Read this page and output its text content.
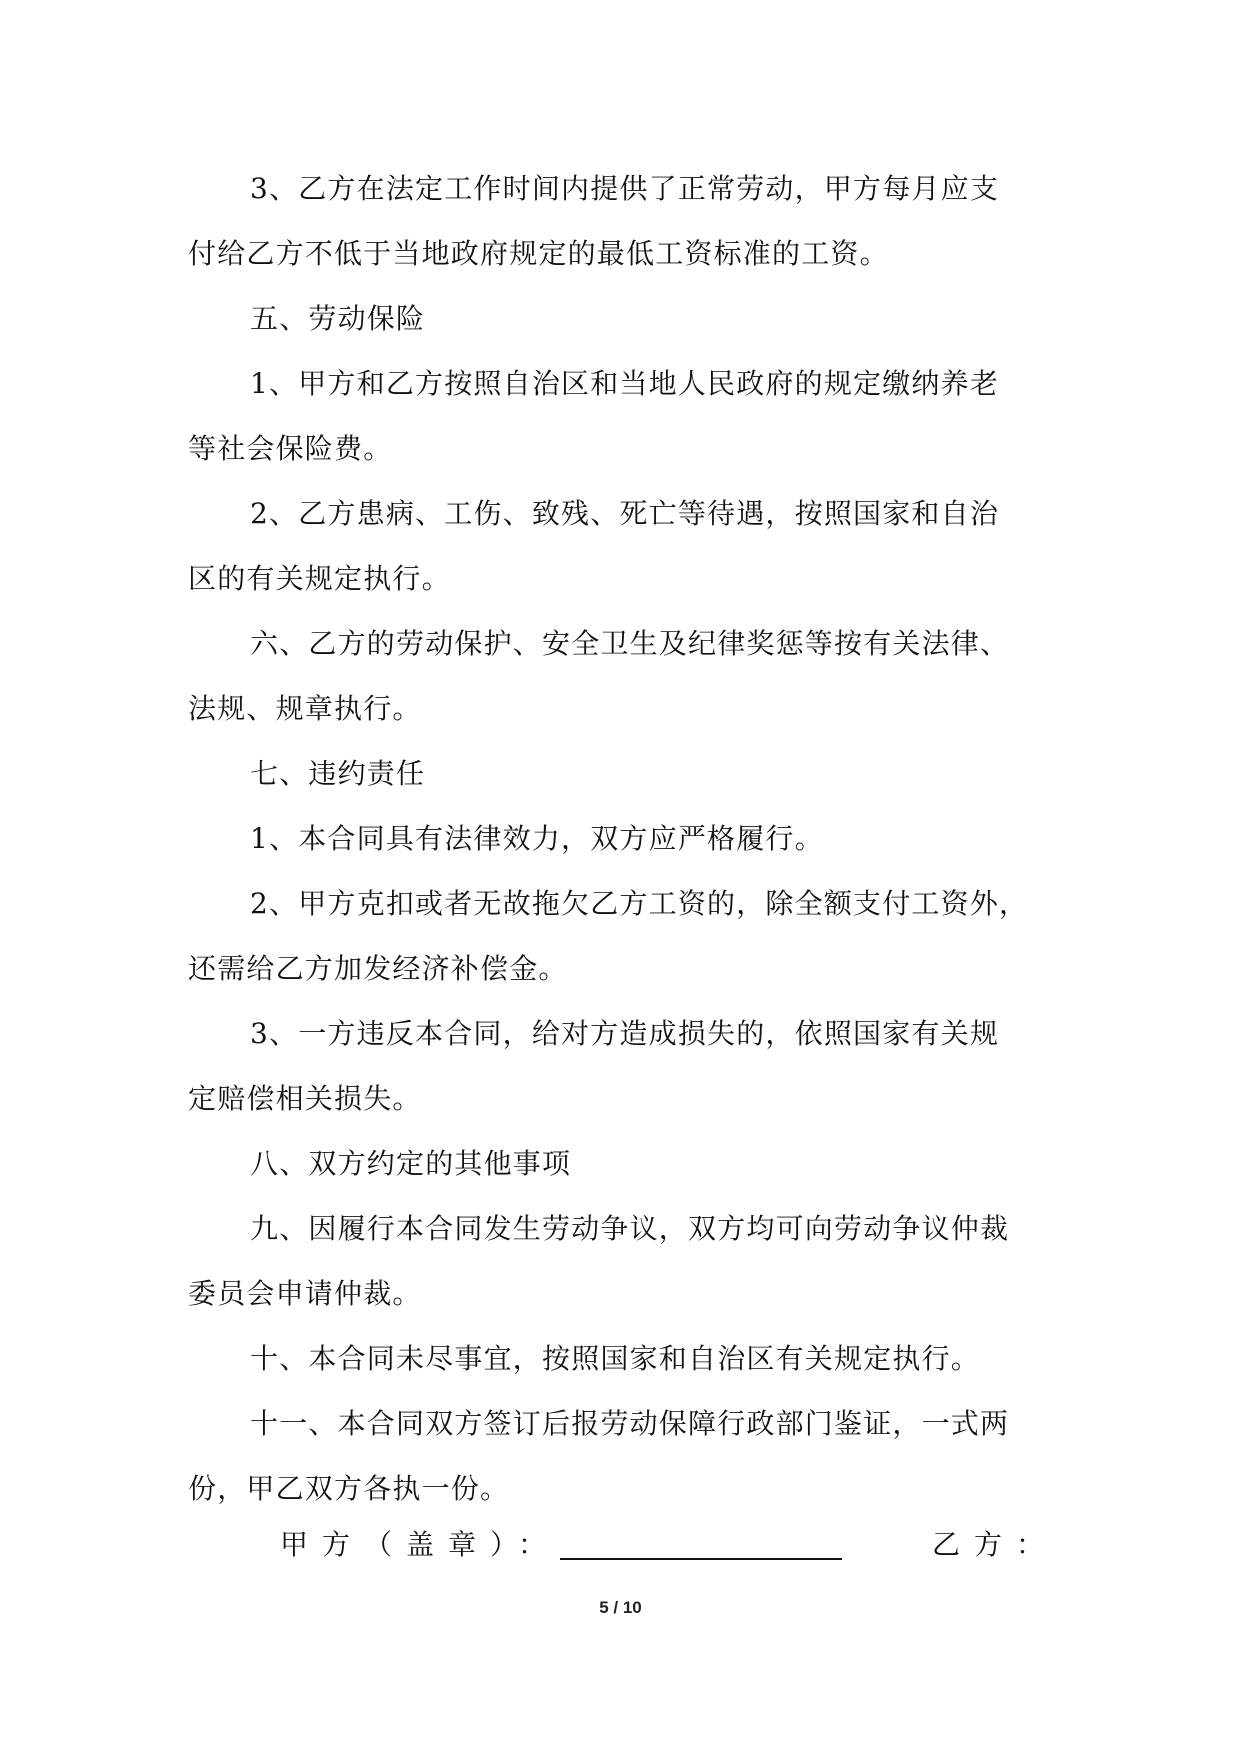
3、乙方在法定工作时间内提供了正常劳动，甲方每月应支
付给乙方不低于当地政府规定的最低工资标准的工资。
五、劳动保险
1、甲方和乙方按照自治区和当地人民政府的规定缴纳养老
等社会保险费。
2、乙方患病、工伤、致残、死亡等待遇，按照国家和自治
区的有关规定执行。
六、乙方的劳动保护、安全卫生及纪律奖惩等按有关法律、
法规、规章执行。
七、违约责任
1、本合同具有法律效力，双方应严格履行。
2、甲方克扣或者无故拖欠乙方工资的，除全额支付工资外，
还需给乙方加发经济补偿金。
3、一方违反本合同，给对方造成损失的，依照国家有关规
定赔偿相关损失。
八、双方约定的其他事项
九、因履行本合同发生劳动争议，双方均可向劳动争议仲裁
委员会申请仲裁。
十、本合同未尽事宜，按照国家和自治区有关规定执行。
十一、本合同双方签订后报劳动保障行政部门鉴证，一式两
份，甲乙双方各执一份。
甲方（盖章）：	乙方：
5 / 10
